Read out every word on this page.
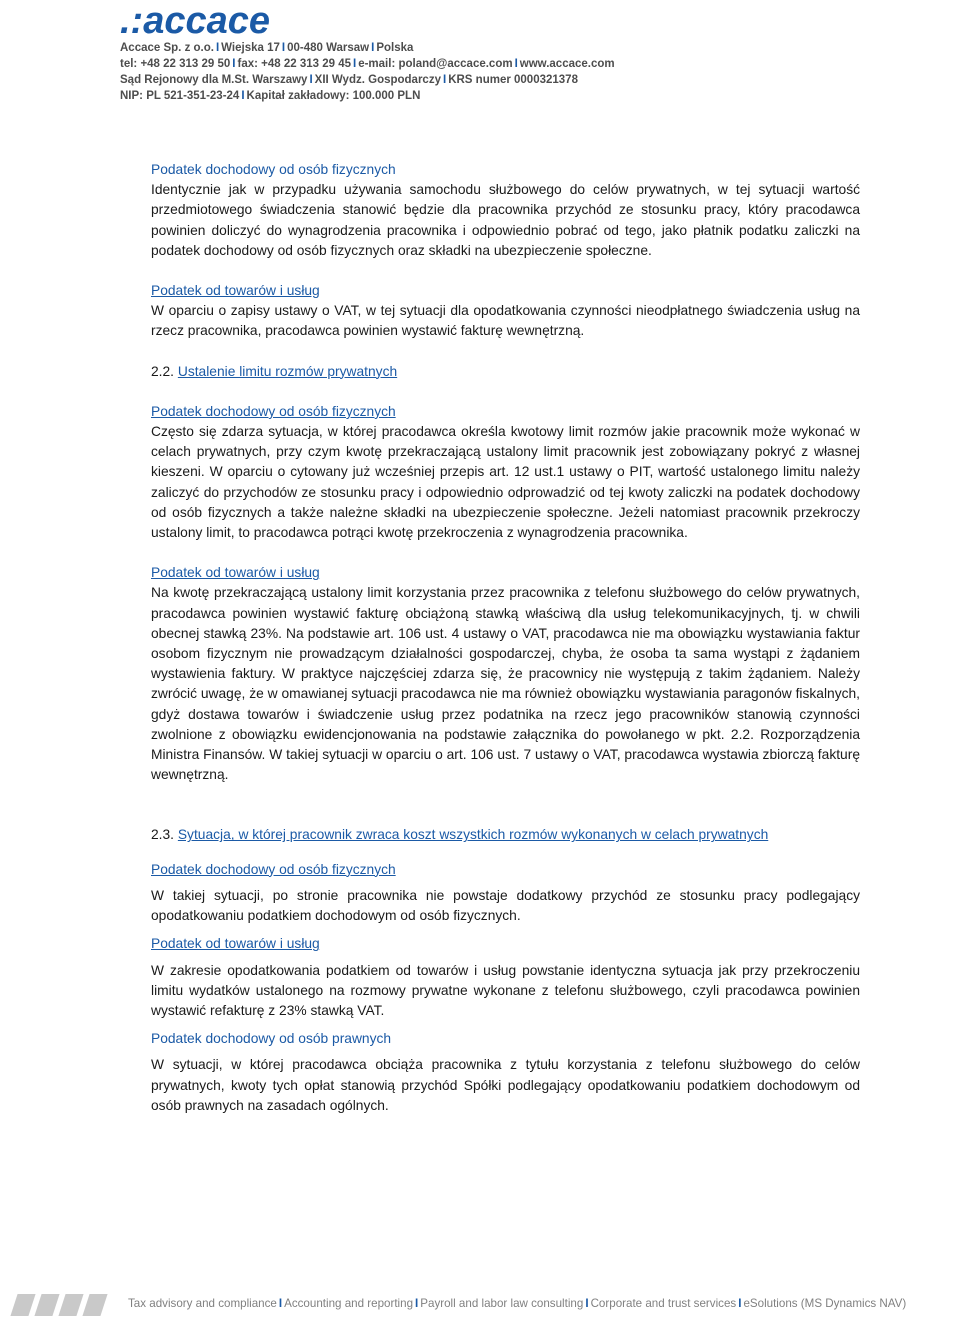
.:accace
Accace Sp. z o.o. I Wiejska 17 I 00-480 Warsaw I Polska
tel: +48 22 313 29 50 I fax: +48 22 313 29 45 I e-mail: poland@accace.com I www.accace.com
Sąd Rejonowy dla M.St. Warszawy I XII Wydz. Gospodarczy I KRS numer 0000321378
NIP: PL 521-351-23-24 I Kapitał zakładowy: 100.000 PLN
Podatek dochodowy od osób fizycznych

Identycznie jak w przypadku używania samochodu służbowego do celów prywatnych, w tej sytuacji wartość przedmiotowego świadczenia stanowić będzie dla pracownika przychód ze stosunku pracy, który pracodawca powinien doliczyć do wynagrodzenia pracownika i odpowiednio pobrać od tego, jako płatnik podatku zaliczki na podatek dochodowy od osób fizycznych oraz składki na ubezpieczenie społeczne.

Podatek od towarów i usług

W oparciu o zapisy ustawy o VAT, w tej sytuacji dla opodatkowania czynności nieodpłatnego świadczenia usług na rzecz pracownika, pracodawca powinien wystawić fakturę wewnętrzną.

2.2. Ustalenie limitu rozmów prywatnych
Podatek dochodowy od osób fizycznych

Często się zdarza sytuacja, w której pracodawca określa kwotowy limit rozmów jakie pracownik może wykonać w celach prywatnych, przy czym kwotę przekraczającą ustalony limit pracownik jest zobowiązany pokryć z własnej kieszeni. W oparciu o cytowany już wcześniej przepis art. 12 ust.1 ustawy o PIT, wartość ustalonego limitu należy zaliczyć do przychodów ze stosunku pracy i odpowiednio odprowadzić od tej kwoty zaliczki na podatek dochodowy od osób fizycznych a także należne składki na ubezpieczenie społeczne. Jeżeli natomiast pracownik przekroczy ustalony limit, to pracodawca potrąci kwotę przekroczenia z wynagrodzenia pracownika.

Podatek od towarów i usług

Na kwotę przekraczającą ustalony limit korzystania przez pracownika z telefonu służbowego do celów prywatnych, pracodawca powinien wystawić fakturę obciążoną stawką właściwą dla usług telekomunikacyjnych, tj. w chwili obecnej stawką 23%. Na podstawie art. 106 ust. 4 ustawy o VAT, pracodawca nie ma obowiązku wystawiania faktur osobom fizycznym nie prowadzącym działalności gospodarczej, chyba, że osoba ta sama wystąpi z żądaniem wystawienia faktury. W praktyce najczęściej zdarza się, że pracownicy nie występują z takim żądaniem. Należy zwrócić uwagę, że w omawianej sytuacji pracodawca nie ma również obowiązku wystawiania paragonów fiskalnych, gdyż dostawa towarów i świadczenie usług przez podatnika na rzecz jego pracowników stanowią czynności zwolnione z obowiązku ewidencjonowania na podstawie załącznika do powołanego w pkt. 2.2. Rozporządzenia Ministra Finansów. W takiej sytuacji w oparciu o art. 106 ust. 7 ustawy o VAT, pracodawca wystawia zbiorczą fakturę wewnętrzną.

2.3. Sytuacja, w której pracownik zwraca koszt wszystkich rozmów wykonanych w celach prywatnych
Podatek dochodowy od osób fizycznych

W takiej sytuacji, po stronie pracownika nie powstaje dodatkowy przychód ze stosunku pracy podlegający opodatkowaniu podatkiem dochodowym od osób fizycznych.

Podatek od towarów i usług

W zakresie opodatkowania podatkiem od towarów i usług powstanie identyczna sytuacja jak przy przekroczeniu limitu wydatków ustalonego na rozmowy prywatne wykonane z telefonu służbowego, czyli pracodawca powinien wystawić refakturę z 23% stawką VAT.

Podatek dochodowy od osób prawnych

W sytuacji, w której pracodawca obciąża pracownika z tytułu korzystania z telefonu służbowego do celów prywatnych, kwoty tych opłat stanowią przychód Spółki podlegający opodatkowaniu podatkiem dochodowym od osób prawnych na zasadach ogólnych.

Tax advisory and compliance I Accounting and reporting I Payroll and labor law consulting I Corporate and trust services I eSolutions (MS Dynamics NAV)
